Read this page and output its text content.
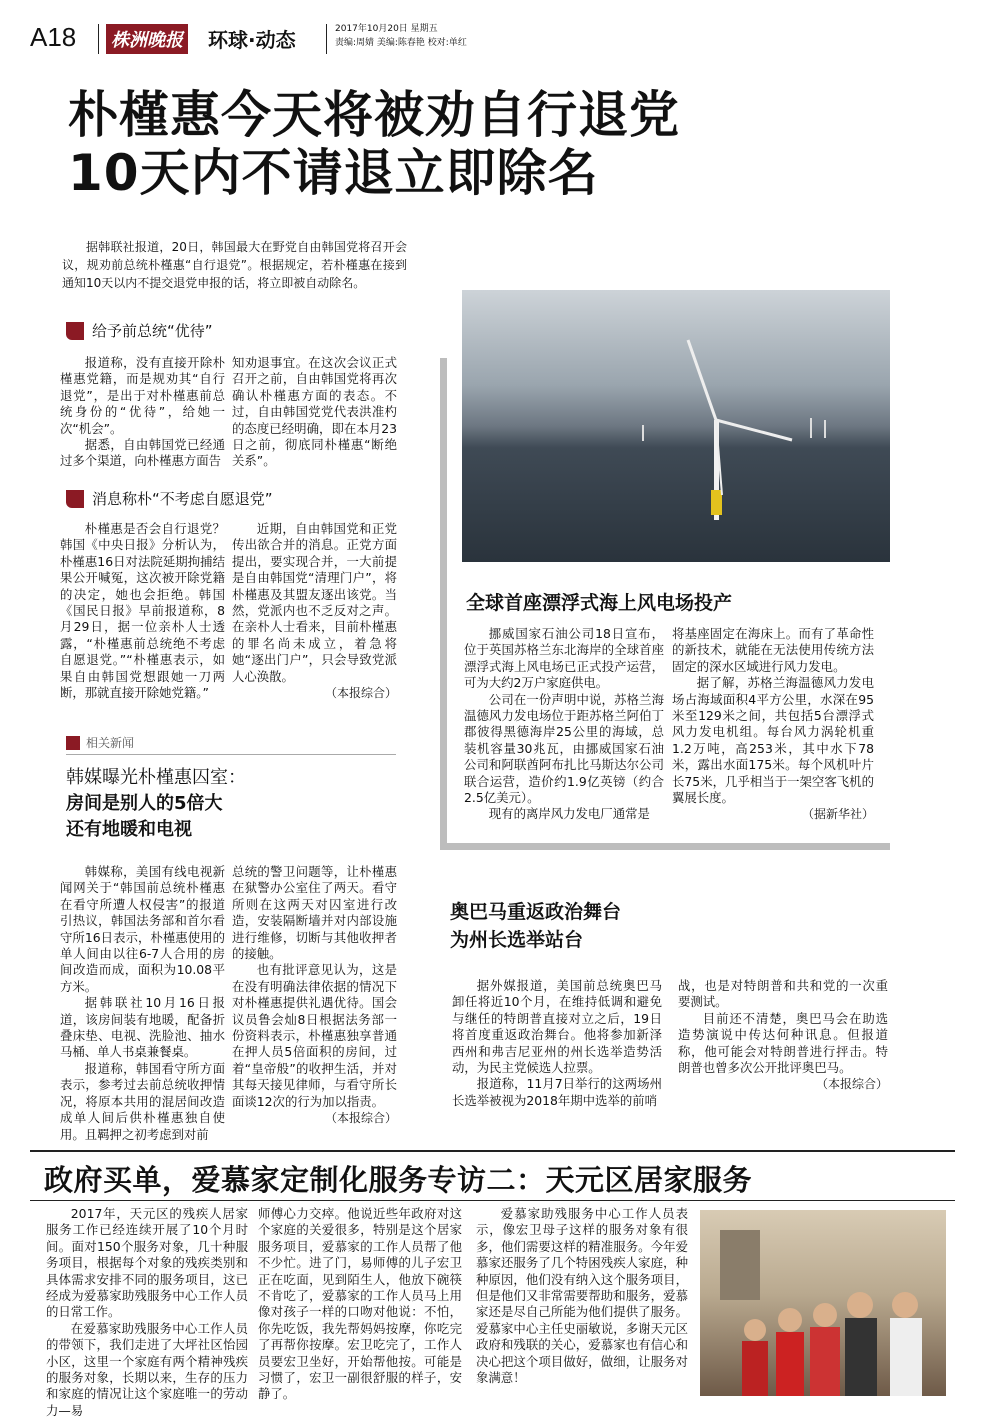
A18 株洲晚报 环球·动态	2017年10月20日 星期五
责编:周婧 美编:陈春艳 校对:单红
朴槿惠今天将被劝自行退党
10天内不请退立即除名

据韩联社报道，20日，韩国最大在野党自由韩国党将召开会议，规劝前总统朴槿惠“自行退党”。根据规定，若朴槿惠在接到通知10天以内不提交退党申报的话，将立即被自动除名。

给予前总统“优待”

报道称，没有直接开除朴槿惠党籍，而是规劝其“自行退党”，是出于对朴槿惠前总统身份的“优待”，给她一次“机会”。

据悉，自由韩国党已经通过多个渠道，向朴槿惠方面告

知劝退事宜。在这次会议正式召开之前，自由韩国党将再次确认朴槿惠方面的表态。不过，自由韩国党党代表洪准杓的态度已经明确，即在本月23日之前，彻底同朴槿惠“断绝关系”。

消息称朴“不考虑自愿退党”

朴槿惠是否会自行退党？韩国《中央日报》分析认为，朴槿惠16日对法院延期拘捕结果公开喊冤，这次被开除党籍的决定，她也会拒绝。韩国《国民日报》早前报道称，8月29日，据一位亲朴人士透露，“朴槿惠前总统绝不考虑自愿退党。”“朴槿惠表示，如果自由韩国党想跟她一刀两断，那就直接开除她党籍。”

近期，自由韩国党和正党传出欲合并的消息。正党方面提出，要实现合并，一大前提是自由韩国党“清理门户”，将朴槿惠及其盟友逐出该党。当然，党派内也不乏反对之声。在亲朴人士看来，目前朴槿惠的罪名尚未成立，着急将她“逐出门户”，只会导致党派人心涣散。

（本报综合）
相关新闻
韩媒曝光朴槿惠囚室：
房间是别人的5倍大
还有地暖和电视

韩媒称，美国有线电视新闻网关于“韩国前总统朴槿惠在看守所遭人权侵害”的报道引热议，韩国法务部和首尔看守所16日表示，朴槿惠使用的单人间由以往6-7人合用的房间改造而成，面积为10.08平方米。

据韩联社10月16日报道，该房间装有地暖，配备折叠床垫、电视、洗脸池、抽水马桶、单人书桌兼餐桌。

报道称，韩国看守所方面表示，参考过去前总统收押情况，将原本共用的混居间改造成单人间后供朴槿惠独自使用。且羁押之初考虑到对前

总统的警卫问题等，让朴槿惠在狱警办公室住了两天。看守所则在这两天对囚室进行改造，安装隔断墙并对内部设施进行维修，切断与其他收押者的接触。

也有批评意见认为，这是在没有明确法律依据的情况下对朴槿惠提供礼遇优待。国会议员鲁会灿8日根据法务部一份资料表示，朴槿惠独享普通在押人员5倍面积的房间，过着“皇帝般”的收押生活，并对其每天接见律师，与看守所长面谈12次的行为加以指责。

（本报综合）
全球首座漂浮式海上风电场投产

挪威国家石油公司18日宣布，位于英国苏格兰东北海岸的全球首座漂浮式海上风电场已正式投产运营，可为大约2万户家庭供电。

公司在一份声明中说，苏格兰海温德风力发电场位于距苏格兰阿伯丁郡彼得黑德海岸25公里的海域，总装机容量30兆瓦，由挪威国家石油公司和阿联酋阿布扎比马斯达尔公司联合运营，造价约1.9亿英镑（约合2.5亿美元）。

现有的离岸风力发电厂通常是

将基座固定在海床上。而有了革命性的新技术，就能在无法使用传统方法固定的深水区域进行风力发电。

据了解，苏格兰海温德风力发电场占海域面积4平方公里，水深在95米至129米之间，共包括5台漂浮式风力发电机组。每台风力涡轮机重1.2万吨，高253米，其中水下78米，露出水面175米。每个风机叶片长75米，几乎相当于一架空客飞机的翼展长度。

（据新华社）
奥巴马重返政治舞台
为州长选举站台

据外媒报道，美国前总统奥巴马卸任将近10个月，在维持低调和避免与继任的特朗普直接对立之后，19日将首度重返政治舞台。他将参加新泽西州和弗吉尼亚州的州长选举造势活动，为民主党候选人拉票。

报道称，11月7日举行的这两场州长选举被视为2018年期中选举的前哨

战，也是对特朗普和共和党的一次重要测试。

目前还不清楚，奥巴马会在助选造势演说中传达何种讯息。但报道称，他可能会对特朗普进行抨击。特朗普也曾多次公开批评奥巴马。

（本报综合）
政府买单，爱慕家定制化服务专访二：天元区居家服务

2017年，天元区的残疾人居家服务工作已经连续开展了10个月时间。面对150个服务对象，几十种服务项目，根据每个对象的残疾类别和具体需求安排不同的服务项目，这已经成为爱慕家助残服务中心工作人员的日常工作。

在爱慕家助残服务中心工作人员的带领下，我们走进了大坪社区怡园小区，这里一个家庭有两个精神残疾的服务对象，长期以来，生存的压力和家庭的情况让这个家庭唯一的劳动力—易

师傅心力交瘁。他说近些年政府对这个家庭的关爱很多，特别是这个居家服务项目，爱慕家的工作人员帮了他不少忙。进了门，易师傅的儿子宏卫正在吃面，见到陌生人，他放下碗筷不肯吃了，爱慕家的工作人员马上用像对孩子一样的口吻对他说：不怕，你先吃饭，我先帮妈妈按摩，你吃完了再帮你按摩。宏卫吃完了，工作人员要宏卫坐好，开始帮他按。可能是习惯了，宏卫一副很舒服的样子，安静了。

爱慕家助残服务中心工作人员表示，像宏卫母子这样的服务对象有很多，他们需要这样的精准服务。今年爱慕家还服务了几个特困残疾人家庭，种种原因，他们没有纳入这个服务项目，但是他们又非常需要帮助和服务，爱慕家还是尽自己所能为他们提供了服务。爱慕家中心主任史丽敏说，多谢天元区政府和残联的关心，爱慕家也有信心和决心把这个项目做好，做细，让服务对象满意！
